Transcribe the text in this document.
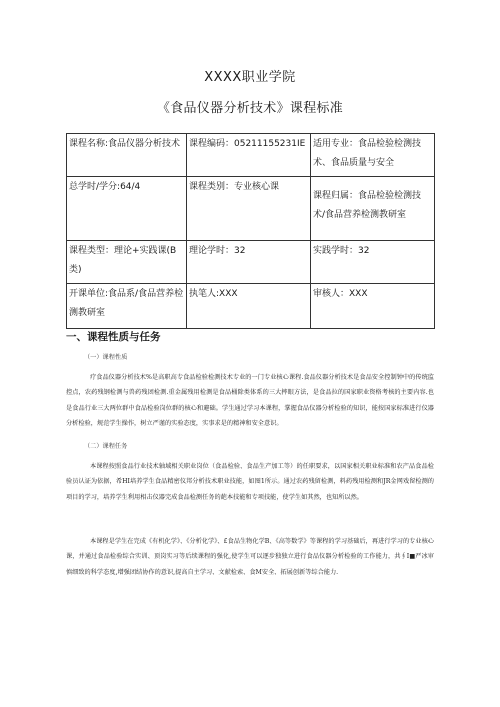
XXXX职业学院
《食品仪器分析技术》课程标准
课程名称:食品仪器分析技术	课程编码：05211155231IE	适用专业：食品检验检测技术、食品质量与安全
总学时/学分:64/4	课程类别：专业核心课	课程归属：食品检验检测技术/食品营养检测教研室
课程类型：理论+实践课(B类)	理论学时：32	实践学时：32
开课单位:食品系/食品营养检测教研室	执笔人:XXX	审核人：XXX
一、课程性质与任务
（一）课程性质

疗食品仪器分析技术%是高职高专食品检验检测技术专业的一门专业核心课程.食品仪器分析技术是食品安全控制钟中的传统监控点，农药残钢检测与兽药残团检测.重金属残用检测是食品桶除类体系的三大摔眼方法，是食品拉的国家职业资格考核的主要内容.也是食品行业三大两位群中食品检验岗位群的核心和避础。学生通过学习本课程，掌握食品仪器分析检验的知识，能按国家标准进行仪器分析检验，规范学生操作，树立严谨的实验态度，实事求是的精神和安全意识。

（二）课程任务

本课程按照食品行业技术轴域相关职业岗位（食品检验、食品生产加工等）的任职要求，以国家相关职业标准和农产品食品检验员认证为依据，希HI培养学生食品精密仪邦分析技术职业技能，如图1所示。通过农药残留检测，料药残用检测和JR金网戏留检测的项目的学习，培养学生利用相击仪器完成食品检测任务的葩本技能和专项技能，使学生如其然，也知所以然。

本课程是学生在完成《有机化学》、《分析化学》、£食品生物化学B、《高等数学》等课程的学习基础后，再进行学习的专业核心课，并通过食品检验综合实训、顶岗实习等后续课程的强化,使学生可以逐步独独立进行食品仪器分析检验的工作能力，共∮I■严冰审慎细致的科学态度,增强团结协作的意识,提高自主学习、文献检索、食M安全、拓展创新等综合能力.
